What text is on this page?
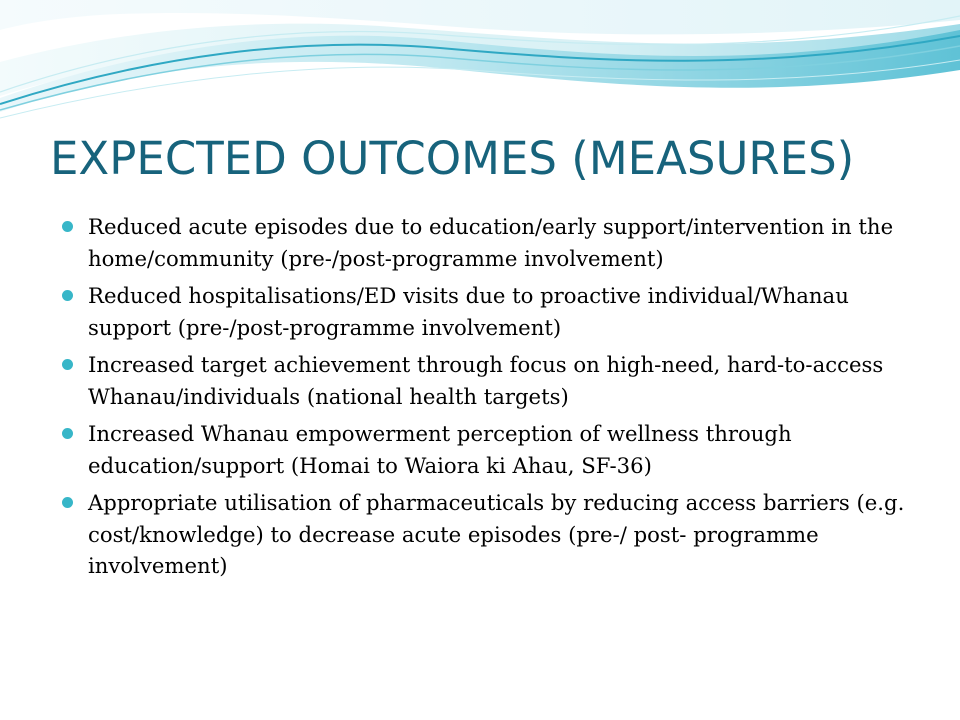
EXPECTED OUTCOMES (MEASURES)
Reduced acute episodes due to education/early support/intervention in the home/community (pre-/post-programme involvement)
Reduced hospitalisations/ED visits due to proactive individual/Whanau support (pre-/post-programme involvement)
Increased target achievement through focus on high-need, hard-to-access Whanau/individuals (national health targets)
Increased Whanau empowerment perception of wellness through education/support (Homai to Waiora ki Ahau, SF-36)
Appropriate utilisation of pharmaceuticals by reducing access barriers (e.g. cost/knowledge) to decrease acute episodes (pre-/ post- programme involvement)
